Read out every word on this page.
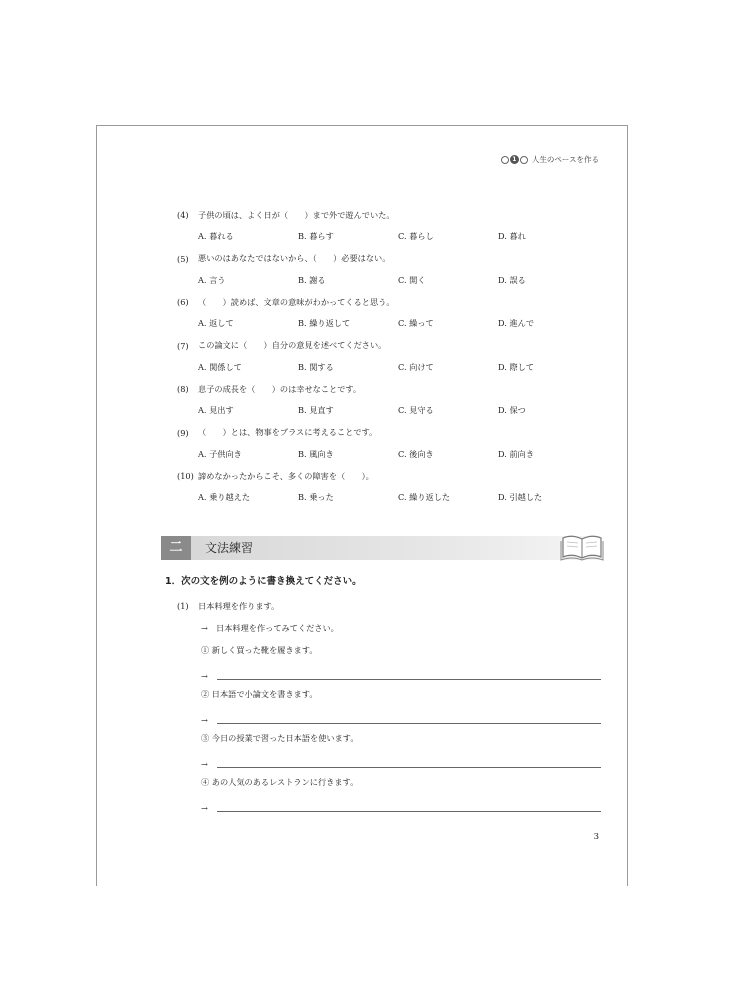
1	人生のペースを作る
(4)	子供の頃は、よく日が（　　）まで外で遊んでいた。
A. 暮れる	B. 暮らす	C. 暮らし	D. 暮れ
(5)	悪いのはあなたではないから、（　　）必要はない。
A. 言う	B. 謝る	C. 開く	D. 誤る
(6)	（　　）読めば、文章の意味がわかってくると思う。
A. 返して	B. 繰り返して	C. 繰って	D. 進んで
(7)	この論文に（　　）自分の意見を述べてください。
A. 関係して	B. 関する	C. 向けて	D. 際して
(8)	息子の成長を（　　）のは幸せなことです。
A. 見出す	B. 見直す	C. 見守る	D. 保つ
(9)	（　　）とは、物事をプラスに考えることです。
A. 子供向き	B. 風向き	C. 後向き	D. 前向き
(10) 諦めなかったからこそ、多くの障害を（　　）。
A. 乗り越えた	B. 乗った	C. 繰り返した	D. 引越した
二	文法練習
1．次の文を例のように書き換えてください。
(1)	日本料理を作ります。
→　日本料理を作ってみてください。
① 新しく買った靴を履きます。
→
② 日本語で小論文を書きます。
→
③ 今日の授業で習った日本語を使います。
→
④ あの人気のあるレストランに行きます。
→
3
